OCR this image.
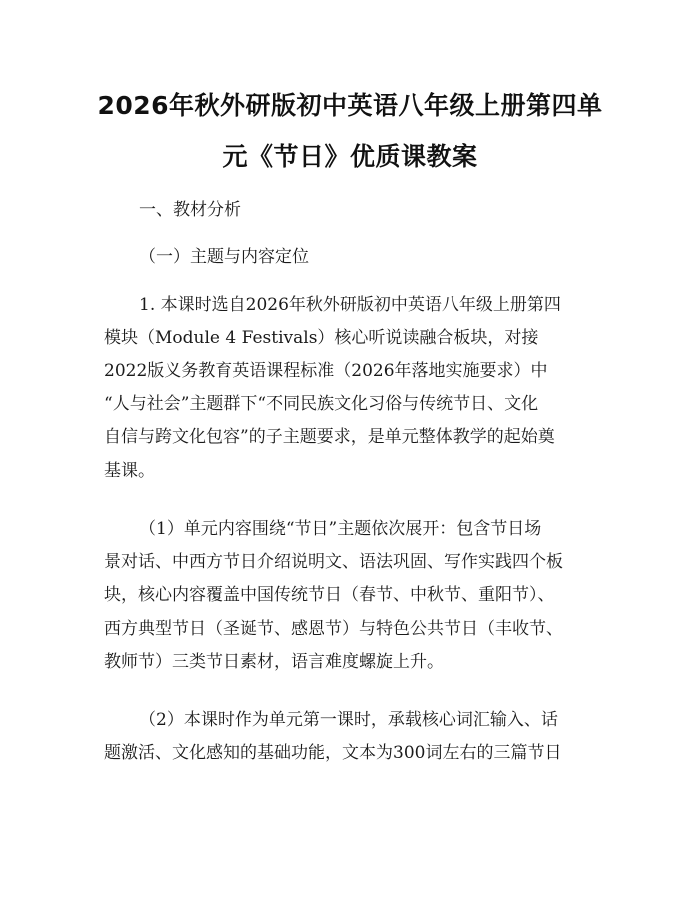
2026年秋外研版初中英语八年级上册第四单
元《节日》优质课教案
一、教材分析
（一）主题与内容定位
1. 本课时选自2026年秋外研版初中英语八年级上册第四
模块（Module 4 Festivals）核心听说读融合板块，对接
2022版义务教育英语课程标准（2026年落地实施要求）中
“人与社会”主题群下“不同民族文化习俗与传统节日、文化
自信与跨文化包容”的子主题要求，是单元整体教学的起始奠
基课。
（1）单元内容围绕“节日”主题依次展开：包含节日场
景对话、中西方节日介绍说明文、语法巩固、写作实践四个板
块，核心内容覆盖中国传统节日（春节、中秋节、重阳节）、
西方典型节日（圣诞节、感恩节）与特色公共节日（丰收节、
教师节）三类节日素材，语言难度螺旋上升。
（2）本课时作为单元第一课时，承载核心词汇输入、话
题激活、文化感知的基础功能，文本为300词左右的三篇节日
